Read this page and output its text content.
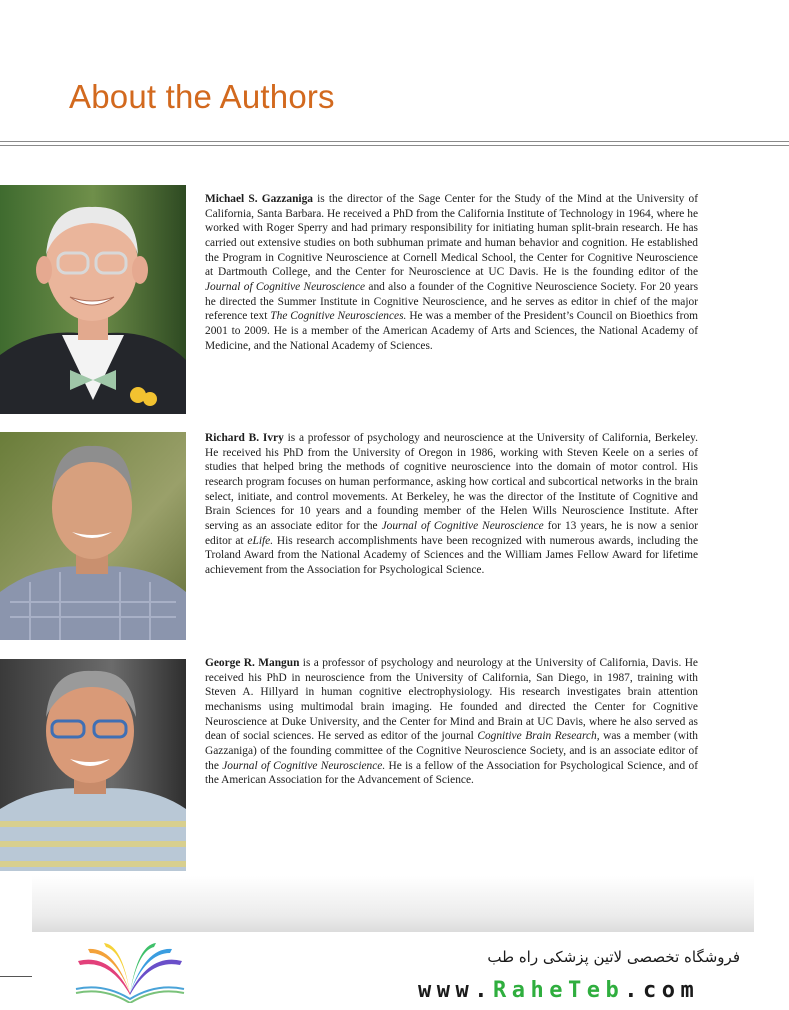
About the Authors

Michael S. Gazzaniga is the director of the Sage Center for the Study of the Mind at the University of California, Santa Barbara. He received a PhD from the California Institute of Technology in 1964, where he worked with Roger Sperry and had primary responsibility for initiating human split-brain research. He has carried out extensive studies on both subhuman primate and human behavior and cognition. He established the Program in Cognitive Neuroscience at Cornell Medical School, the Center for Cognitive Neuroscience at Dartmouth College, and the Center for Neuroscience at UC Davis. He is the founding editor of the Journal of Cognitive Neuroscience and also a founder of the Cognitive Neuroscience Society. For 20 years he directed the Summer Institute in Cognitive Neuroscience, and he serves as editor in chief of the major reference text The Cognitive Neurosciences. He was a member of the President’s Council on Bioethics from 2001 to 2009. He is a member of the American Academy of Arts and Sciences, the National Academy of Medicine, and the National Academy of Sciences.

Richard B. Ivry is a professor of psychology and neuroscience at the University of California, Berkeley. He received his PhD from the University of Oregon in 1986, working with Steven Keele on a series of studies that helped bring the methods of cognitive neuroscience into the domain of motor control. His research program focuses on human performance, asking how cortical and subcortical networks in the brain select, initiate, and control movements. At Berkeley, he was the director of the Institute of Cognitive and Brain Sciences for 10 years and a founding member of the Helen Wills Neuroscience Institute. After serving as an associate editor for the Journal of Cognitive Neuroscience for 13 years, he is now a senior editor at eLife. His research accomplishments have been recognized with numerous awards, including the Troland Award from the National Academy of Sciences and the William James Fellow Award for lifetime achievement from the Association for Psychological Science.

George R. Mangun is a professor of psychology and neurology at the University of California, Davis. He received his PhD in neuroscience from the University of California, San Diego, in 1987, training with Steven A. Hillyard in human cognitive electrophysiology. His research investigates brain attention mechanisms using multimodal brain imaging. He founded and directed the Center for Cognitive Neuroscience at Duke University, and the Center for Mind and Brain at UC Davis, where he also served as dean of social sciences. He served as editor of the journal Cognitive Brain Research, was a member (with Gazzaniga) of the founding committee of the Cognitive Neuroscience Society, and is an associate editor of the Journal of Cognitive Neuroscience. He is a fellow of the Association for Psychological Science, and of the American Association for the Advancement of Science.

فروشگاه تخصصی لاتین پزشکی راه طب
www.RaheTeb.com
